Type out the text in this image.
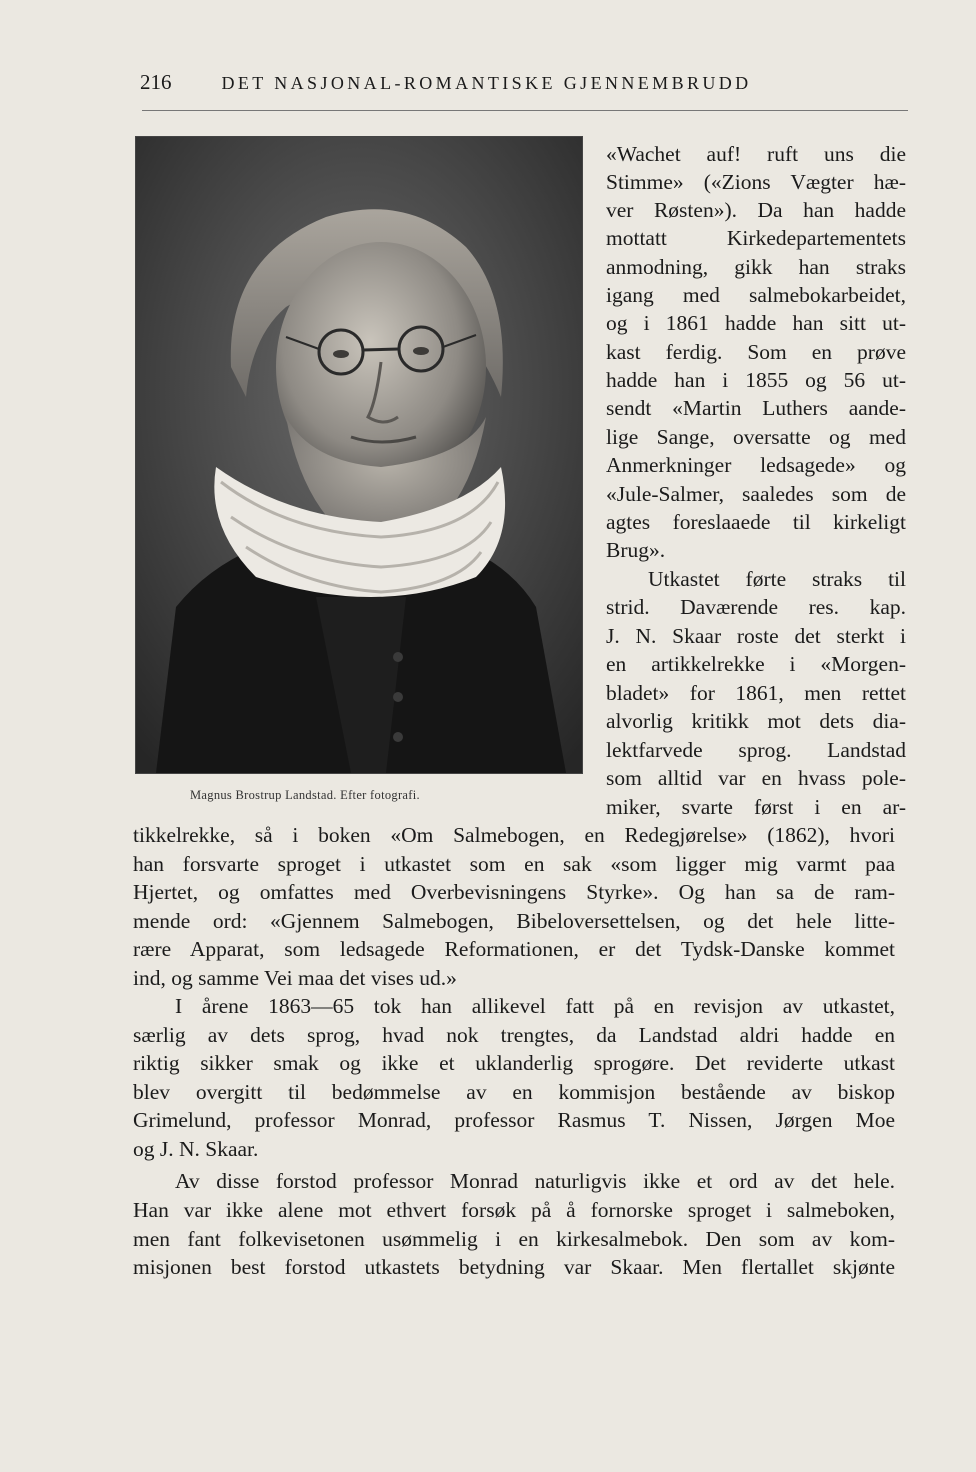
216	DET NASJONAL-ROMANTISKE GJENNEMBRUDD
Magnus Brostrup Landstad. Efter fotografi.

«Wachet auf! ruft uns die

Stimme» («Zions Vægter hæ-

ver Røsten»). Da han hadde

mottatt Kirkedepartementets

anmodning, gikk han straks

igang med salmebokarbeidet,

og i 1861 hadde han sitt ut-

kast ferdig. Som en prøve

hadde han i 1855 og 56 ut-

sendt «Martin Luthers aande-

lige Sange, oversatte og med

Anmerkninger ledsagede» og

«Jule-Salmer, saaledes som de

agtes foreslaaede til kirkeligt

Brug».

Utkastet førte straks til

strid. Daværende res. kap.

J. N. Skaar roste det sterkt i

en artikkelrekke i «Morgen-

bladet» for 1861, men rettet

alvorlig kritikk mot dets dia-

lektfarvede sprog. Landstad

som alltid var en hvass pole-

miker, svarte først i en ar-

tikkelrekke, så i boken «Om Salmebogen, en Redegjørelse» (1862), hvori

han forsvarte sproget i utkastet som en sak «som ligger mig varmt paa

Hjertet, og omfattes med Overbevisningens Styrke». Og han sa de ram-

mende ord: «Gjennem Salmebogen, Bibeloversettelsen, og det hele litte-

rære Apparat, som ledsagede Reformationen, er det Tydsk-Danske kommet

ind, og samme Vei maa det vises ud.»

I årene 1863—65 tok han allikevel fatt på en revisjon av utkastet,

særlig av dets sprog, hvad nok trengtes, da Landstad aldri hadde en

riktig sikker smak og ikke et uklanderlig sprogøre. Det reviderte utkast

blev overgitt til bedømmelse av en kommisjon bestående av biskop

Grimelund, professor Monrad, professor Rasmus T. Nissen, Jørgen Moe

og J. N. Skaar.

Av disse forstod professor Monrad naturligvis ikke et ord av det hele.

Han var ikke alene mot ethvert forsøk på å fornorske sproget i salmeboken,

men fant folkevisetonen usømmelig i en kirkesalmebok. Den som av kom-

misjonen best forstod utkastets betydning var Skaar. Men flertallet skjønte
